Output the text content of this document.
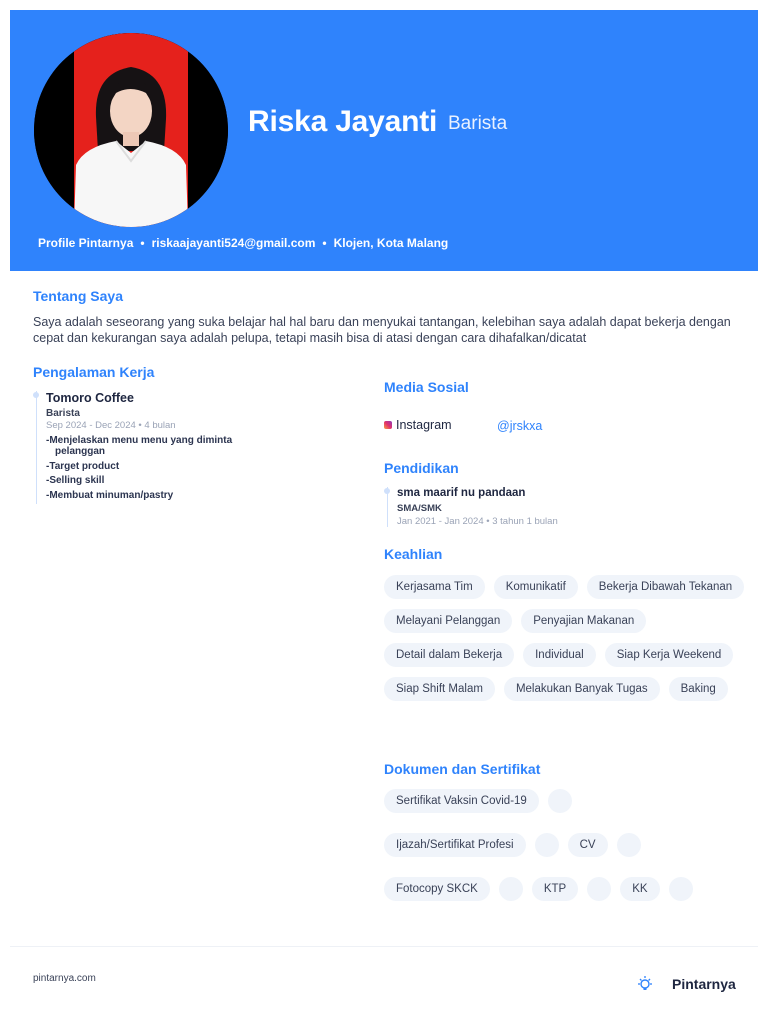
Riska Jayanti Barista
Profile Pintarnya • riskaajayanti524@gmail.com • Klojen, Kota Malang
Tentang Saya
Saya adalah seseorang yang suka belajar hal hal baru dan menyukai tantangan, kelebihan saya adalah dapat bekerja dengan cepat dan kekurangan saya adalah pelupa, tetapi masih bisa di atasi dengan cara dihafalkan/dicatat
Pengalaman Kerja
Tomoro Coffee
Barista
Sep 2024 - Dec 2024 • 4 bulan
-Menjelaskan menu menu yang diminta
pelanggan
-Target product
-Selling skill
-Membuat minuman/pastry
Media Sosial
Instagram	@jrskxa
Pendidikan
sma maarif nu pandaan
SMA/SMK
Jan 2021 - Jan 2024 • 3 tahun 1 bulan
Keahlian
Kerjasama Tim	Komunikatif	Bekerja Dibawah Tekanan
Melayani Pelanggan	Penyajian Makanan
Detail dalam Bekerja	Individual	Siap Kerja Weekend
Siap Shift Malam	Melakukan Banyak Tugas	Baking
Dokumen dan Sertifikat
Sertifikat Vaksin Covid-19
Ijazah/Sertifikat Profesi	CV
Fotocopy SKCK	KTP	KK
pintarnya.com	Pintarnya
